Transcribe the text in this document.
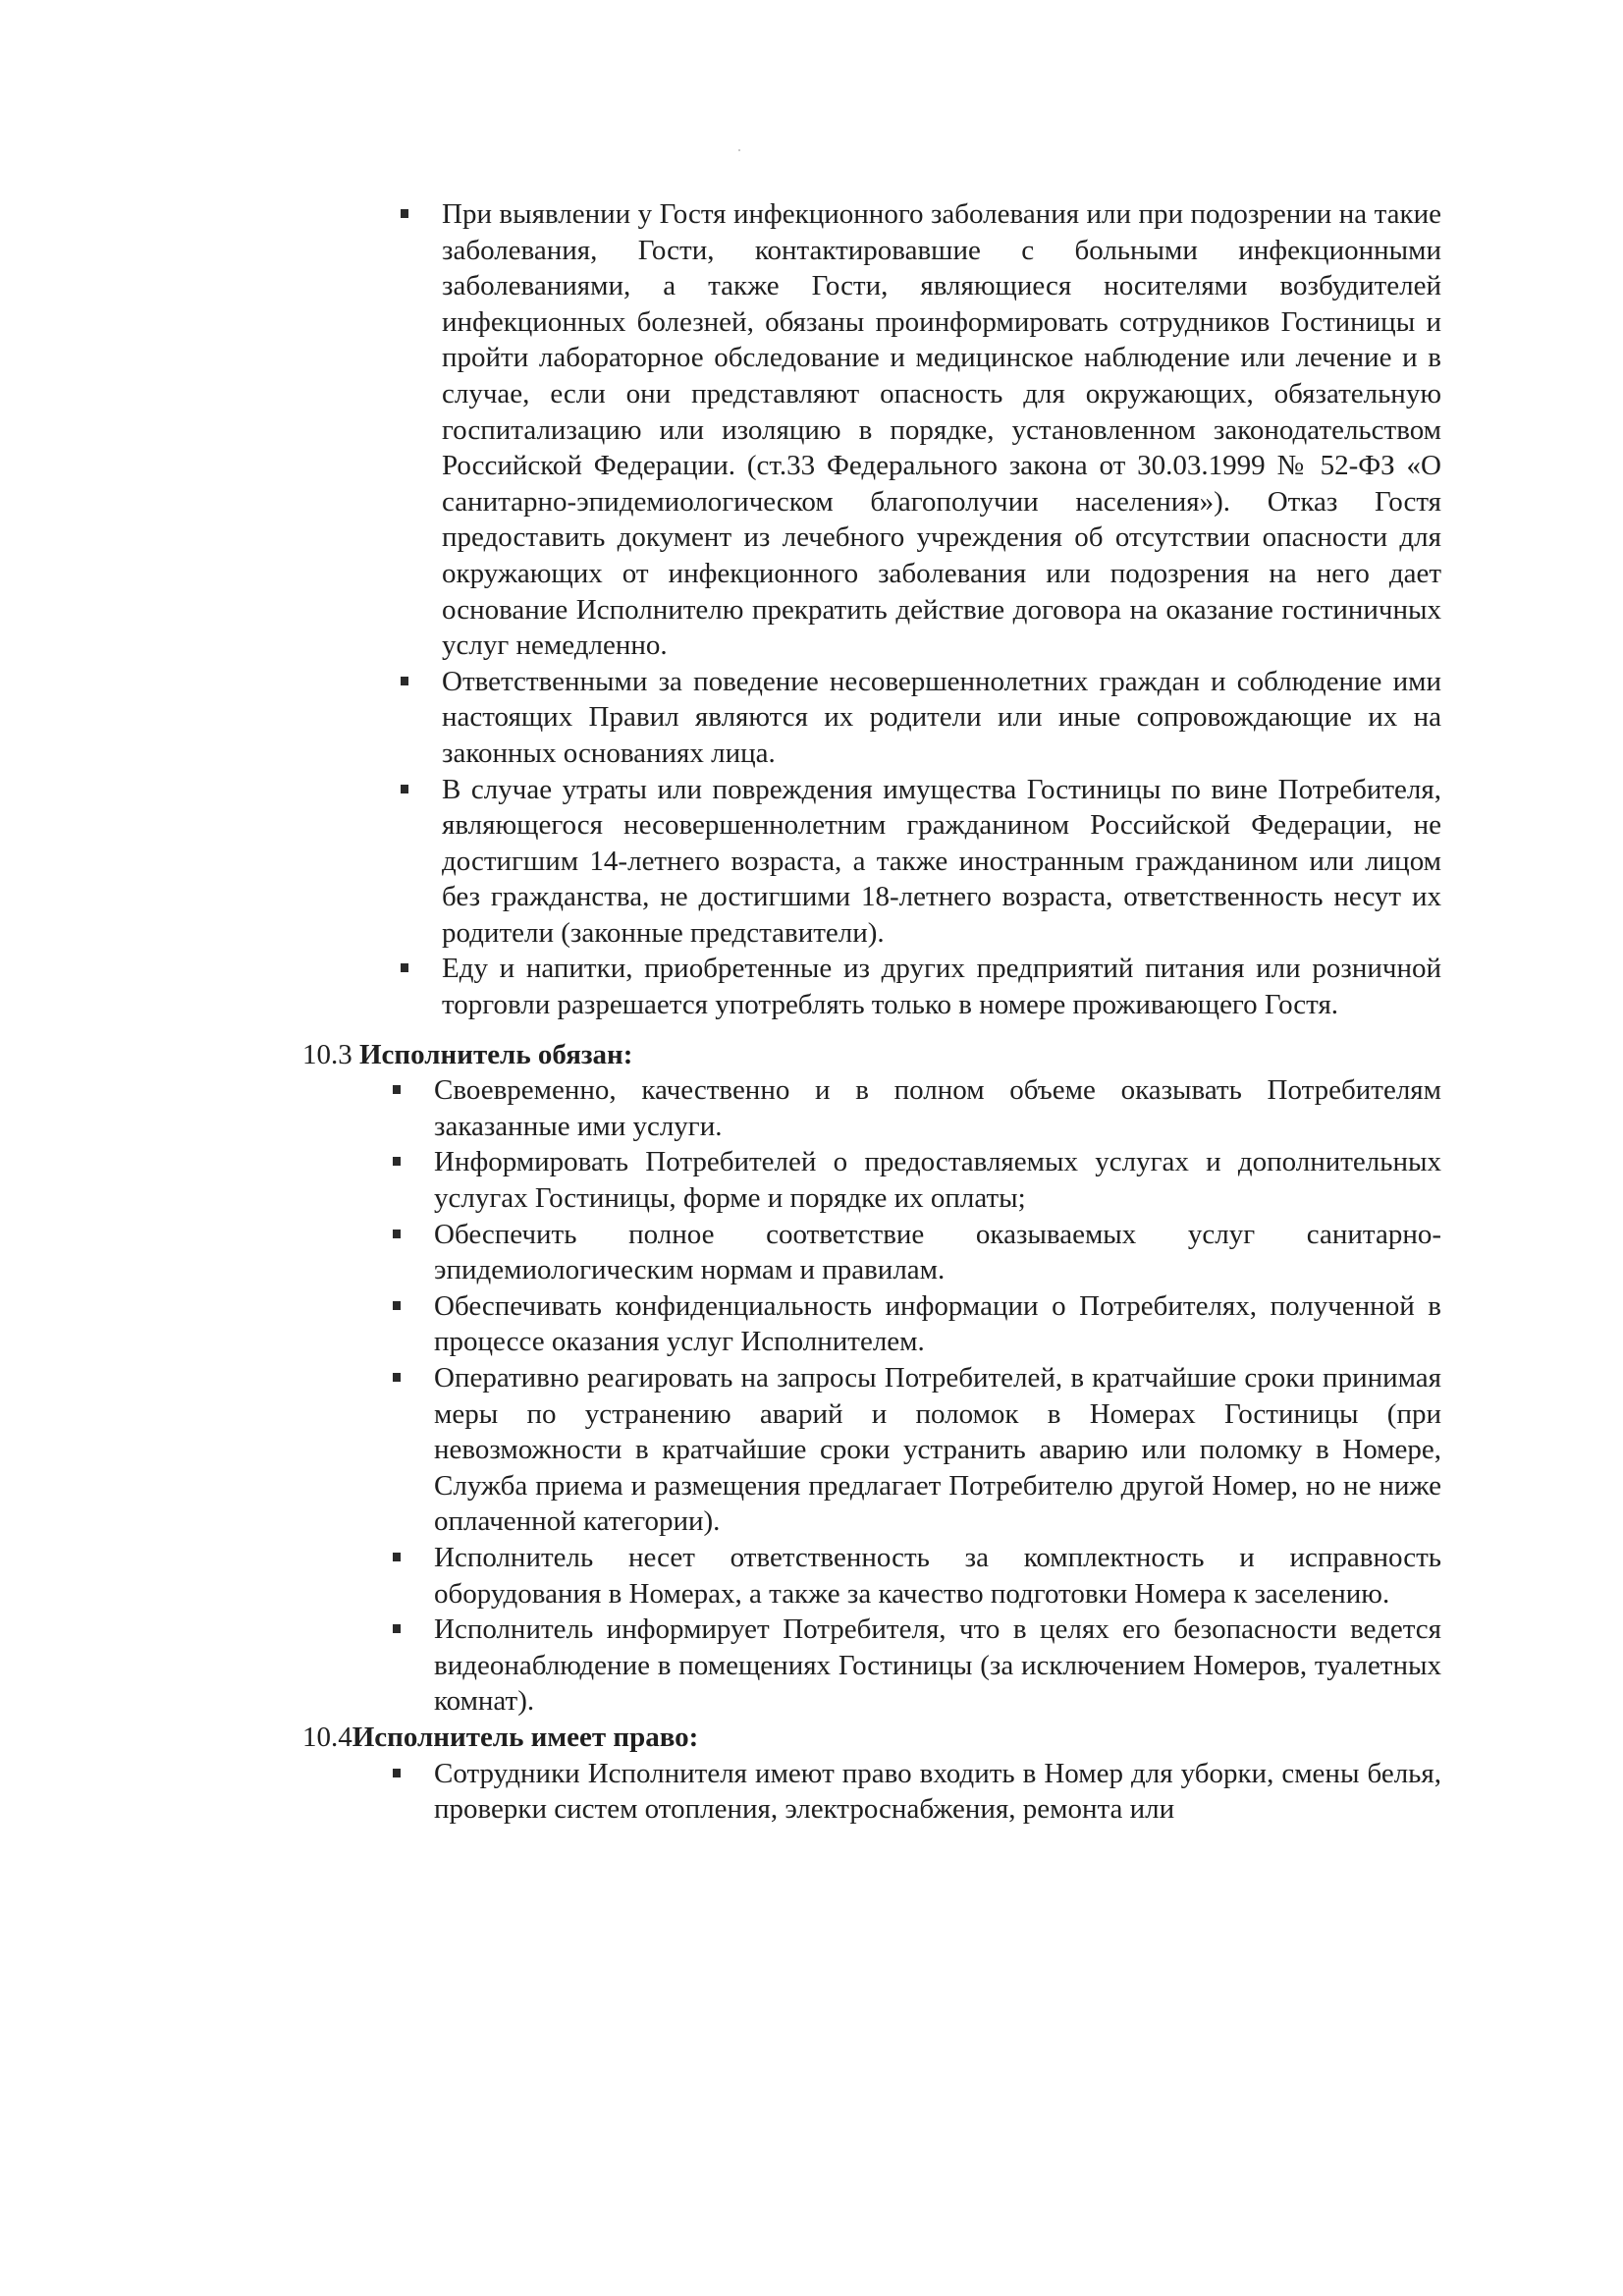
При выявлении у Гостя инфекционного заболевания или при подозрении на такие заболевания, Гости, контактировавшие с больными инфекционными заболеваниями, а также Гости, являющиеся носителями возбудителей инфекционных болезней, обязаны проинформировать сотрудников Гостиницы и пройти лабораторное обследование и медицинское наблюдение или лечение и в случае, если они представляют опасность для окружающих, обязательную госпитализацию или изоляцию в порядке, установленном законодательством Российской Федерации. (ст.33 Федерального закона от 30.03.1999 № 52-ФЗ «О санитарно-эпидемиологическом благополучии населения»). Отказ Гостя предоставить документ из лечебного учреждения об отсутствии опасности для окружающих от инфекционного заболевания или подозрения на него дает основание Исполнителю прекратить действие договора на оказание гостиничных услуг немедленно.
Ответственными за поведение несовершеннолетних граждан и соблюдение ими настоящих Правил являются их родители или иные сопровождающие их на законных основаниях лица.
В случае утраты или повреждения имущества Гостиницы по вине Потребителя, являющегося несовершеннолетним гражданином Российской Федерации, не достигшим 14-летнего возраста, а также иностранным гражданином или лицом без гражданства, не достигшими 18-летнего возраста, ответственность несут их родители (законные представители).
Еду и напитки, приобретенные из других предприятий питания или розничной торговли разрешается употреблять только в номере проживающего Гостя.

10.3 Исполнитель обязан:

Своевременно, качественно и в полном объеме оказывать Потребителям заказанные ими услуги.
Информировать Потребителей о предоставляемых услугах и дополнительных услугах Гостиницы, форме и порядке их оплаты;
Обеспечить полное соответствие оказываемых услуг санитарно-эпидемиологическим нормам и правилам.
Обеспечивать конфиденциальность информации о Потребителях, полученной в процессе оказания услуг Исполнителем.
Оперативно реагировать на запросы Потребителей, в кратчайшие сроки принимая меры по устранению аварий и поломок в Номерах Гостиницы (при невозможности в кратчайшие сроки устранить аварию или поломку в Номере, Служба приема и размещения предлагает Потребителю другой Номер, но не ниже оплаченной категории).
Исполнитель несет ответственность за комплектность и исправность оборудования в Номерах, а также за качество подготовки Номера к заселению.
Исполнитель информирует Потребителя, что в целях его безопасности ведется видеонаблюдение в помещениях Гостиницы (за исключением Номеров, туалетных комнат).

10.4Исполнитель имеет право:

Сотрудники Исполнителя имеют право входить в Номер для уборки, смены белья, проверки систем отопления, электроснабжения, ремонта или
